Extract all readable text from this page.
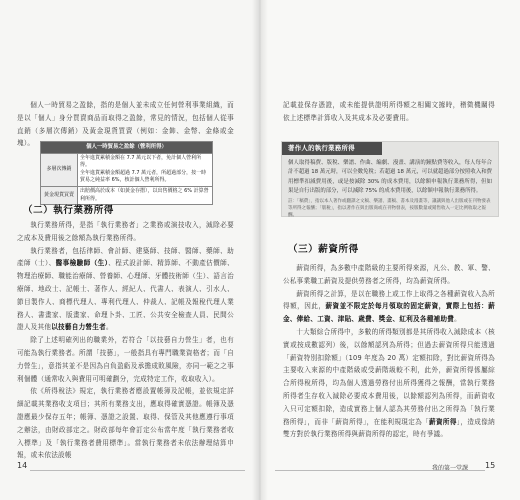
個人一時貿易之盈餘，指的是個人並未成立任何營利事業組織，而是以「個人」身分買賣商品而取得之盈餘，常見的情況，包括個人從事直銷（多層次傳銷）及黃金現貨買賣（例如：金飾、金幣、金條或金塊）。	個人一時貿易之盈餘（營利所得）	
多層次傳銷	全年進貨累積金額在 7.7 萬元以下者，免計個人營利所得。
全年進貨累積金額超過 7.7 萬元者，所超過部分，按一時貿易之純益率 6%，核計個人營利所得。

黃金現貨買賣	出賠價高於成本（如黃金存摺），以出售價格之 6% 計算營利所得。
（二）執行業務所得

執行業務所得，是指「執行業務者」之業務或演技收入，減除必要之成本及費用後之餘額為執行業務所得。

執行業務者，包括律師、會計師、建築師、技師、醫師、藥師、助產師（士）、醫事檢驗師（生）、程式設計師、精算師、不動產估價師、物理治療師、職能治療師、營養師、心理師、牙體技術師（生）、語言治療師、地政士、記帳士、著作人、經紀人、代書人、表演人、引水人、節目製作人、商標代理人、專利代理人、仲裁人、記帳及報稅代理人業務人、書畫家、版畫家、命理卜卦、工匠、公共安全檢查人員、民間公證人及其他以技藝自力營生者。

除了上述明確列出的職業外，若符合「以技藝自力營生」者，也有可能為執行業務者。所謂「技藝」，一般指具有專門職業資格者；而「自力營生」，意指其並不是因為自負盈虧及承擔成敗風險，亦同一範之之事利個體（通常收入與費用可明確劃分，完成特定工作，收取收入）。

依《所得稅法》規定，執行業務者應設置帳簿及記帳，並依規定詳細記載其業務收支項目；其所有業務支出，應取得確實憑證。帳簿及憑證應最少保存五年；帳簿、憑證之設置、取得、保管及其他應遵行事項之辦法，由財政部定之。財政部每年會訂定公布當年度「執行業務者收入標準」及「執行業務者費用標準」。當執行業務者未依法辦理結算申報，或未依法設帳

14

記載並保存憑證，或未能提供證明所得額之相關文據時，稽徵機關得依上述標準計算收入及其成本及必要費用。

著作人的執行業務所得
個人取得稿費、版稅、樂譜、作曲、編劇、漫畫、講演的鐘點費等收入，每人每年合計不超過 18 萬元時，可以全數免稅；若超過 18 萬元，可以就超過部分按照收入和費用標準扣減費用後，或是按減除 30% 的成本費用，以餘額申報執行業務所得，但如果是自行出版的部分，可以減除 75% 的成本費用後，以餘額申報執行業務所得。
註：「稿費」，指以本人著作或翻譯之文稿、樂譜、畫稿、書本及漫畫等，讓讓與他人出版或在刊物發表等所得之報酬；「版稅」，指以著作在與出版商或在刊物發表，按版數量或銷售收入一定比例收取之報酬。
（三）薪資所得

薪資所得，為多數中產階級的主要所得來源，凡公、教、軍、警、公私事業職工薪資及提供勞務者之所得，均為薪資所得。

薪資所得之計算，是以在職務上或工作上取得之各種薪資收入為所得額，因此，薪資並不限定於每月領取的固定薪資，實際上包括：薪金、俸給、工資、津貼、歲費、獎金、紅利及各種補助費。

十大類綜合所得中，多數的所得類別都是其所得收入減除成本（核實或按成數認列）後，以餘額認列為所得；但過去薪資所得只能透過「薪資特別扣除額」（109 年度為 20 萬）定額扣除，對比薪資所得為主要收入來源的中產階級或受薪階級較不利，此外，薪資所得係屬綜合所得稅所得，均為個人透過勞務付出所得獲得之報酬，當執行業務所得者生存收入減除必要成本費用後，以餘額認列為所得，而薪資收入只可定額扣除，造成實務上個人認為其勞務付出之所得為「執行業務所得」，而非「薪資所得」，在能利規現定為「薪資所得」，造成像納雙方對於執行業務所得與薪資所得的認定，時有爭議。

我的第一堂課 15
